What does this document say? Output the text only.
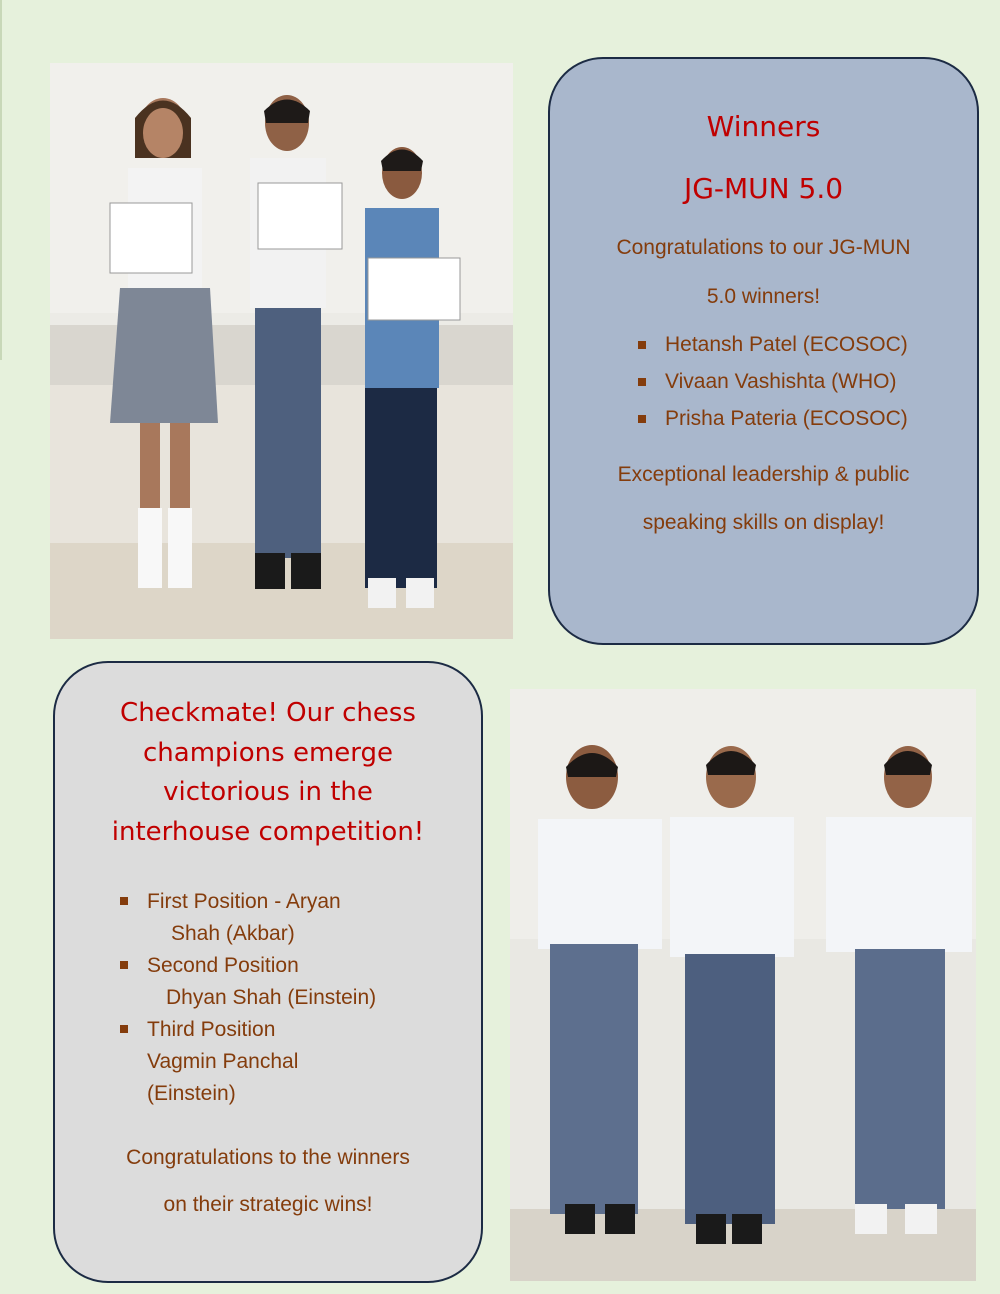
Winners

JG-MUN 5.0

Congratulations to our JG-MUN

5.0 winners!

Hetansh Patel (ECOSOC)
Vivaan Vashishta (WHO)
Prisha Pateria (ECOSOC)

Exceptional leadership & public

speaking skills on display!

Checkmate! Our chess
champions emerge
victorious in the
interhouse competition!
First Position - Aryan
Shah (Akbar)
Second Position
Dhyan Shah (Einstein)
Third Position
Vagmin Panchal
(Einstein)

Congratulations to the winners

on their strategic wins!
